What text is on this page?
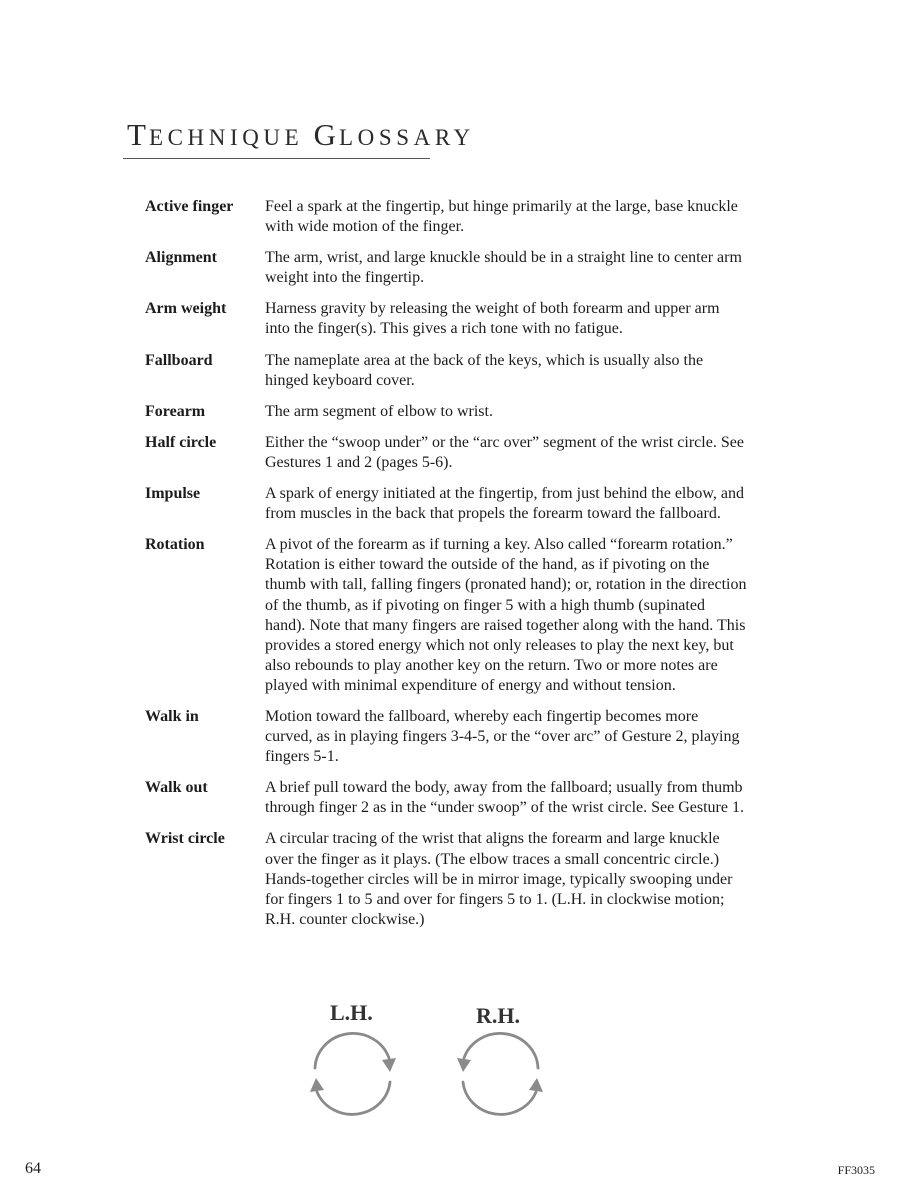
TECHNIQUE GLOSSARY
Active finger	Feel a spark at the fingertip, but hinge primarily at the large, base knuckle with wide motion of the finger.
Alignment	The arm, wrist, and large knuckle should be in a straight line to center arm weight into the fingertip.
Arm weight	Harness gravity by releasing the weight of both forearm and upper arm into the finger(s). This gives a rich tone with no fatigue.
Fallboard	The nameplate area at the back of the keys, which is usually also the hinged keyboard cover.
Forearm	The arm segment of elbow to wrist.
Half circle	Either the “swoop under” or the “arc over” segment of the wrist circle. See Gestures 1 and 2 (pages 5-6).
Impulse	A spark of energy initiated at the fingertip, from just behind the elbow, and from muscles in the back that propels the forearm toward the fallboard.
Rotation	A pivot of the forearm as if turning a key. Also called “forearm rotation.” Rotation is either toward the outside of the hand, as if pivoting on the thumb with tall, falling fingers (pronated hand); or, rotation in the direction of the thumb, as if pivoting on finger 5 with a high thumb (supinated hand). Note that many fingers are raised together along with the hand. This provides a stored energy which not only releases to play the next key, but also rebounds to play another key on the return. Two or more notes are played with minimal expenditure of energy and without tension.
Walk in	Motion toward the fallboard, whereby each fingertip becomes more curved, as in playing fingers 3-4-5, or the “over arc” of Gesture 2, playing fingers 5-1.
Walk out	A brief pull toward the body, away from the fallboard; usually from thumb through finger 2 as in the “under swoop” of the wrist circle. See Gesture 1.
Wrist circle	A circular tracing of the wrist that aligns the forearm and large knuckle over the finger as it plays. (The elbow traces a small concentric circle.) Hands-together circles will be in mirror image, typically swooping under for fingers 1 to 5 and over for fingers 5 to 1. (L.H. in clockwise motion; R.H. counter clockwise.)
L.H.	R.H.
64	FF3035
